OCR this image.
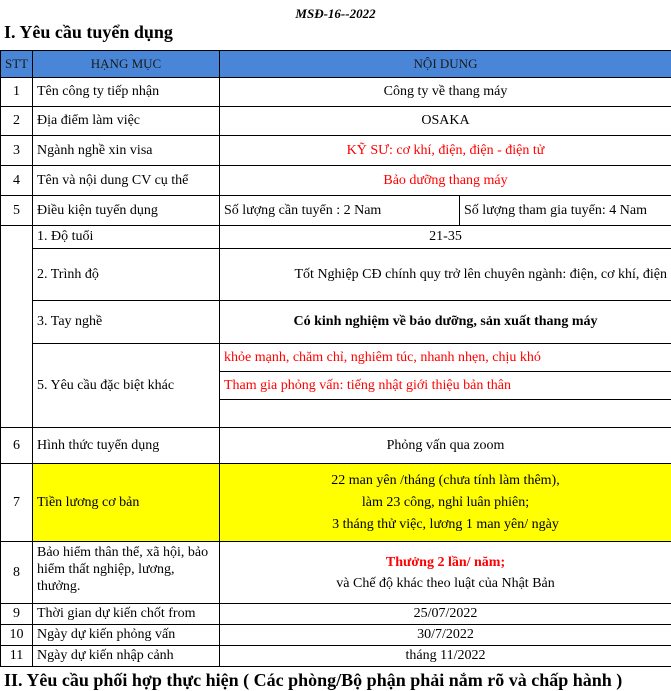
MSĐ-16--2022
I. Yêu cầu tuyển dụng
STT	HẠNG MỤC	NỘI DUNG	
1	Tên công ty tiếp nhận	Công ty về thang máy	
2	Địa điểm làm việc	OSAKA	
3	Ngành nghề xin visa	KỸ SƯ: cơ khí, điện, điện - điện tử	
4	Tên và nội dung CV cụ thể	Bảo dưỡng thang máy	
5	Điều kiện tuyển dụng	Số lượng cần tuyển : 2 Nam	Số lượng tham gia tuyển: 4 Nam
	1. Độ tuổi	21-35	
	2. Trình độ	Tốt Nghiệp CĐ chính quy trở lên chuyên ngành: điện, cơ khí, điện	
	3. Tay nghề	Có kinh nghiệm về bảo dưỡng, sản xuất thang máy	
	5. Yêu cầu đặc biệt khác	khỏe mạnh, chăm chỉ, nghiêm túc, nhanh nhẹn, chịu khó	
		Tham gia phỏng vấn: tiếng nhật giới thiệu bản thân	

6	Hình thức tuyển dụng	Phỏng vấn qua zoom	
7	Tiền lương cơ bản	22 man yên /tháng (chưa tính làm thêm),
làm 23 công, nghỉ luân phiên;
3 tháng thử việc, lương 1 man yên/ ngày	

8	Bảo hiểm thân thể, xã hội, bảo hiểm thất nghiệp, lương, thưởng.	Thưởng 2 lần/ năm;
và Chế độ khác theo luật của Nhật Bản	

9	Thời gian dự kiến chốt from	25/07/2022	
10	Ngày dự kiến phỏng vấn	30/7/2022	
11	Ngày dự kiến nhập cảnh	tháng 11/2022	
II. Yêu cầu phối hợp thực hiện ( Các phòng/Bộ phận phải nắm rõ và chấp hành )
